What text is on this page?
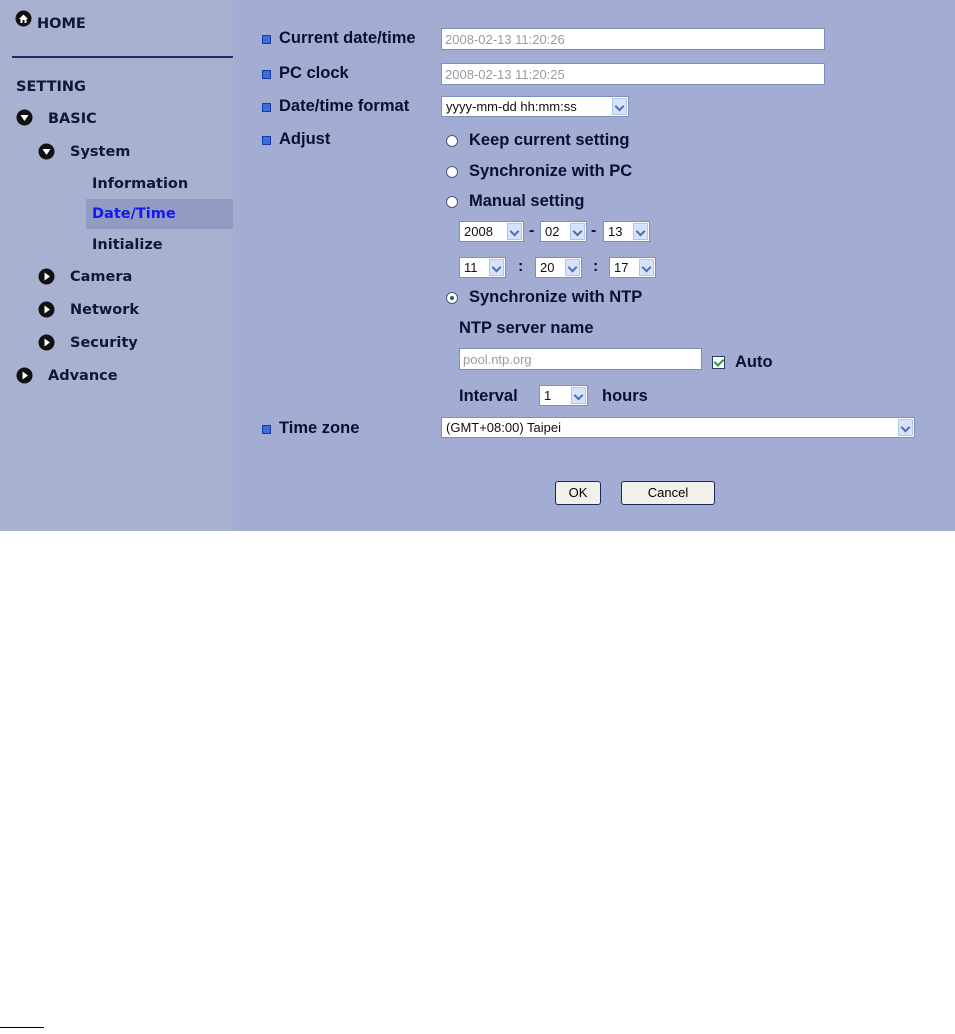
HOME
SETTING
BASIC
System
Information
Date/Time
Initialize
Camera
Network
Security
Advance
Current date/time	2008-02-13 11:20:26
PC clock	2008-02-13 11:20:25
Date/time format	yyyy-mm-dd hh:mm:ss
Adjust	Keep current setting
Synchronize with PC
Manual setting
2008	- 02	- 13
11	:	20	:	17
Synchronize with NTP
NTP server name
pool.ntp.org	Auto
Interval	1	hours
Time zone	(GMT+08:00) Taipei
OK	Cancel
